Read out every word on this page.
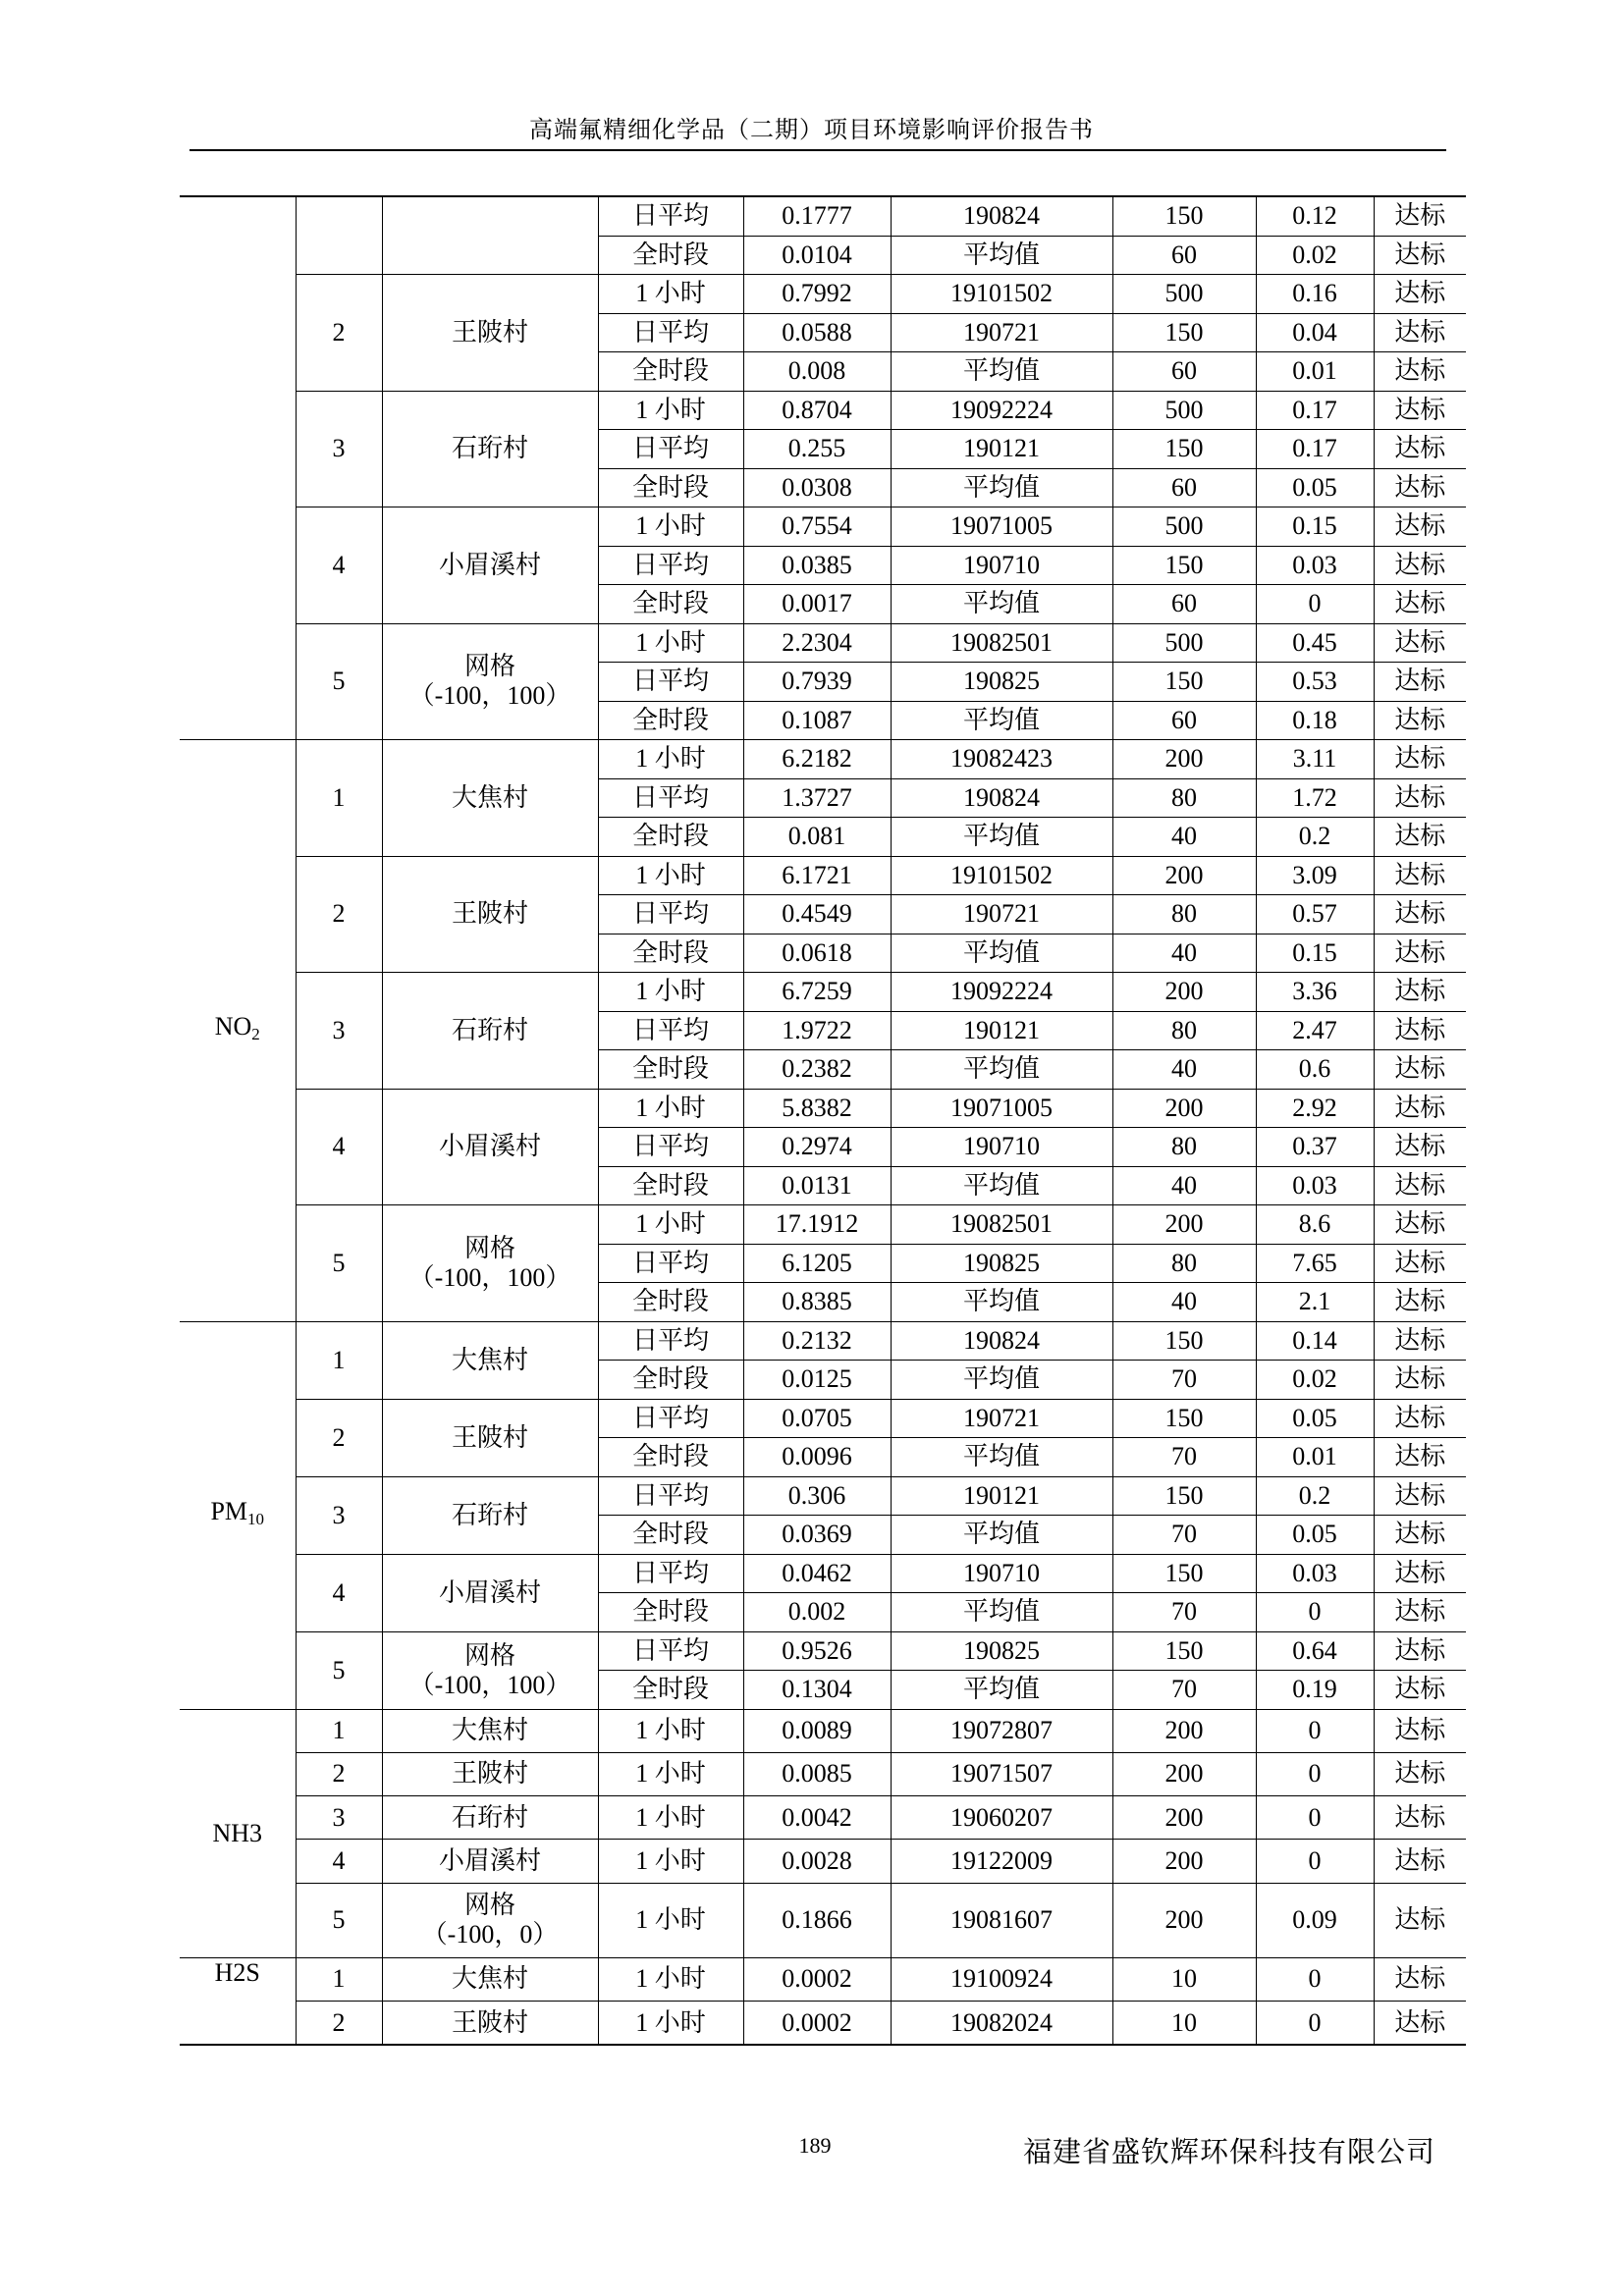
高端氟精细化学品（二期）项目环境影响评价报告书
			日平均	0.1777	190824	150	0.12	达标
			全时段	0.0104	平均值	60	0.02	达标
	2	王陂村	1 小时	0.7992	19101502	500	0.16	达标
			日平均	0.0588	190721	150	0.04	达标
			全时段	0.008	平均值	60	0.01	达标
	3	石珩村	1 小时	0.8704	19092224	500	0.17	达标
			日平均	0.255	190121	150	0.17	达标
			全时段	0.0308	平均值	60	0.05	达标
	4	小眉溪村	1 小时	0.7554	19071005	500	0.15	达标
			日平均	0.0385	190710	150	0.03	达标
			全时段	0.0017	平均值	60	0	达标
	5	网格
（-100，100）	1 小时	2.2304	19082501	500	0.45	达标
			日平均	0.7939	190825	150	0.53	达标
			全时段	0.1087	平均值	60	0.18	达标
$NO_2$	1	大焦村	1 小时	6.2182	19082423	200	3.11	达标
			日平均	1.3727	190824	80	1.72	达标
			全时段	0.081	平均值	40	0.2	达标
	2	王陂村	1 小时	6.1721	19101502	200	3.09	达标
			日平均	0.4549	190721	80	0.57	达标
			全时段	0.0618	平均值	40	0.15	达标
	3	石珩村	1 小时	6.7259	19092224	200	3.36	达标
			日平均	1.9722	190121	80	2.47	达标
			全时段	0.2382	平均值	40	0.6	达标
	4	小眉溪村	1 小时	5.8382	19071005	200	2.92	达标
			日平均	0.2974	190710	80	0.37	达标
			全时段	0.0131	平均值	40	0.03	达标
	5	网格
（-100，100）	1 小时	17.1912	19082501	200	8.6	达标
			日平均	6.1205	190825	80	7.65	达标
			全时段	0.8385	平均值	40	2.1	达标
$PM_{10}$	1	大焦村	日平均	0.2132	190824	150	0.14	达标
			全时段	0.0125	平均值	70	0.02	达标
	2	王陂村	日平均	0.0705	190721	150	0.05	达标
			全时段	0.0096	平均值	70	0.01	达标
	3	石珩村	日平均	0.306	190121	150	0.2	达标
			全时段	0.0369	平均值	70	0.05	达标
	4	小眉溪村	日平均	0.0462	190710	150	0.03	达标
			全时段	0.002	平均值	70	0	达标
	5	网格
（-100，100）	日平均	0.9526	190825	150	0.64	达标
			全时段	0.1304	平均值	70	0.19	达标
NH3	1	大焦村	1 小时	0.0089	19072807	200	0	达标
	2	王陂村	1 小时	0.0085	19071507	200	0	达标
	3	石珩村	1 小时	0.0042	19060207	200	0	达标
	4	小眉溪村	1 小时	0.0028	19122009	200	0	达标
	5	网格
（-100，0）	1 小时	0.1866	19081607	200	0.09	达标
H2S	1	大焦村	1 小时	0.0002	19100924	10	0	达标
	2	王陂村	1 小时	0.0002	19082024	10	0	达标
189	福建省盛钦辉环保科技有限公司
